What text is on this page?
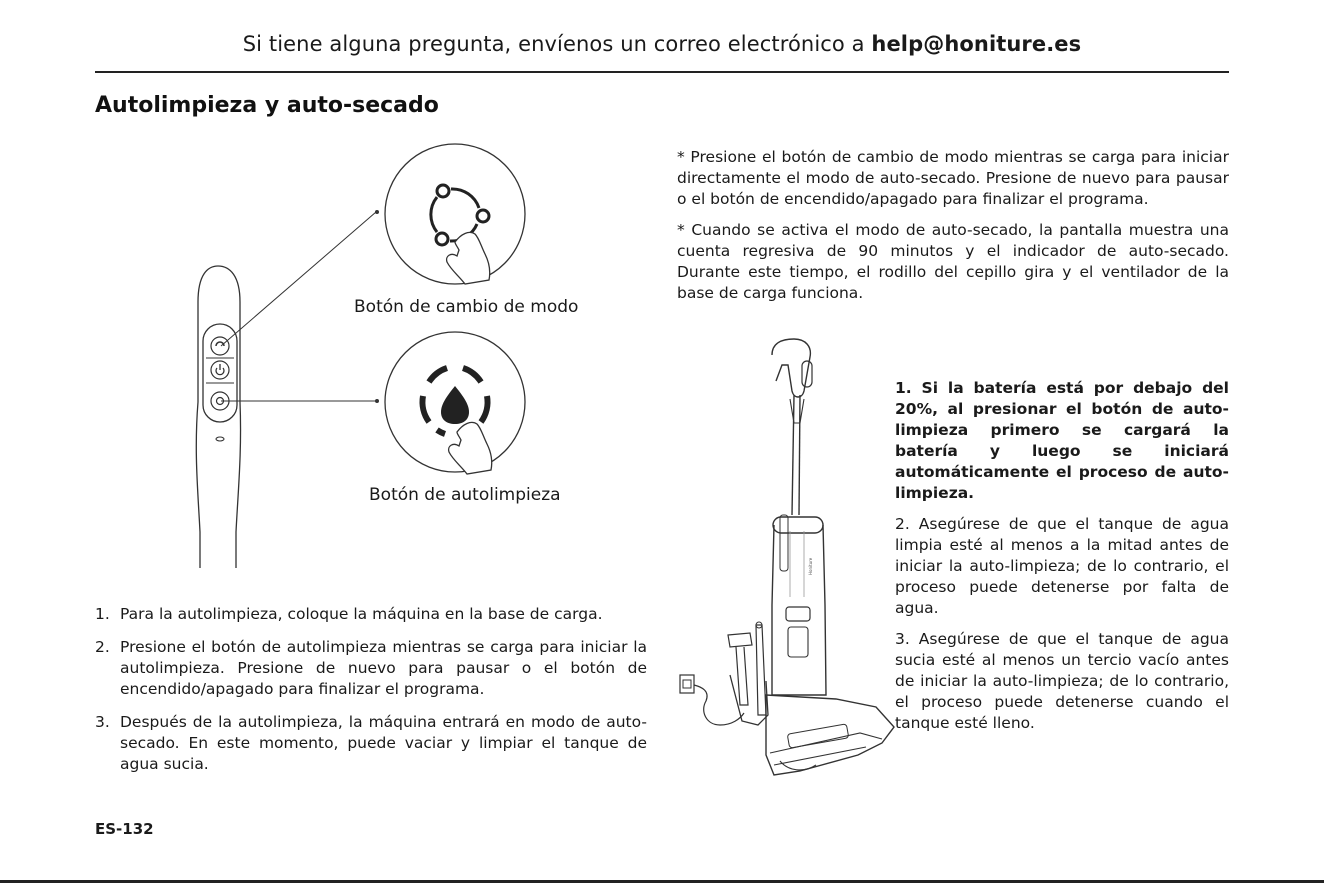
Si tiene alguna pregunta, envíenos un correo electrónico a help@honiture.es
Autolimpieza y auto-secado
Botón de cambio de modo
Botón de autolimpieza
1. Para la autolimpieza, coloque la máquina en la base de carga.
2. Presione el botón de autolimpieza mientras se carga para iniciar la autolimpieza. Presione de nuevo para pausar o el botón de encendido/apagado para finalizar el programa.
3. Después de la autolimpieza, la máquina entrará en modo de auto-secado. En este momento, puede vaciar y limpiar el tanque de agua sucia.

* Presione el botón de cambio de modo mientras se carga para iniciar directamente el modo de auto-secado. Presione de nuevo para pausar o el botón de encendido/apagado para finalizar el programa.

* Cuando se activa el modo de auto-secado, la pantalla muestra una cuenta regresiva de 90 minutos y el indicador de auto-secado. Durante este tiempo, el rodillo del cepillo gira y el ventilador de la base de carga funciona.

Honiture

1. Si la batería está por debajo del 20%, al presionar el botón de auto-limpieza primero se cargará la batería y luego se iniciará automáticamente el proceso de auto-limpieza.

2. Asegúrese de que el tanque de agua limpia esté al menos a la mitad antes de iniciar la auto-limpieza; de lo contrario, el proceso puede detenerse por falta de agua.

3. Asegúrese de que el tanque de agua sucia esté al menos un tercio vacío antes de iniciar la auto-limpieza; de lo contrario, el proceso puede detenerse cuando el tanque esté lleno.

ES-132
